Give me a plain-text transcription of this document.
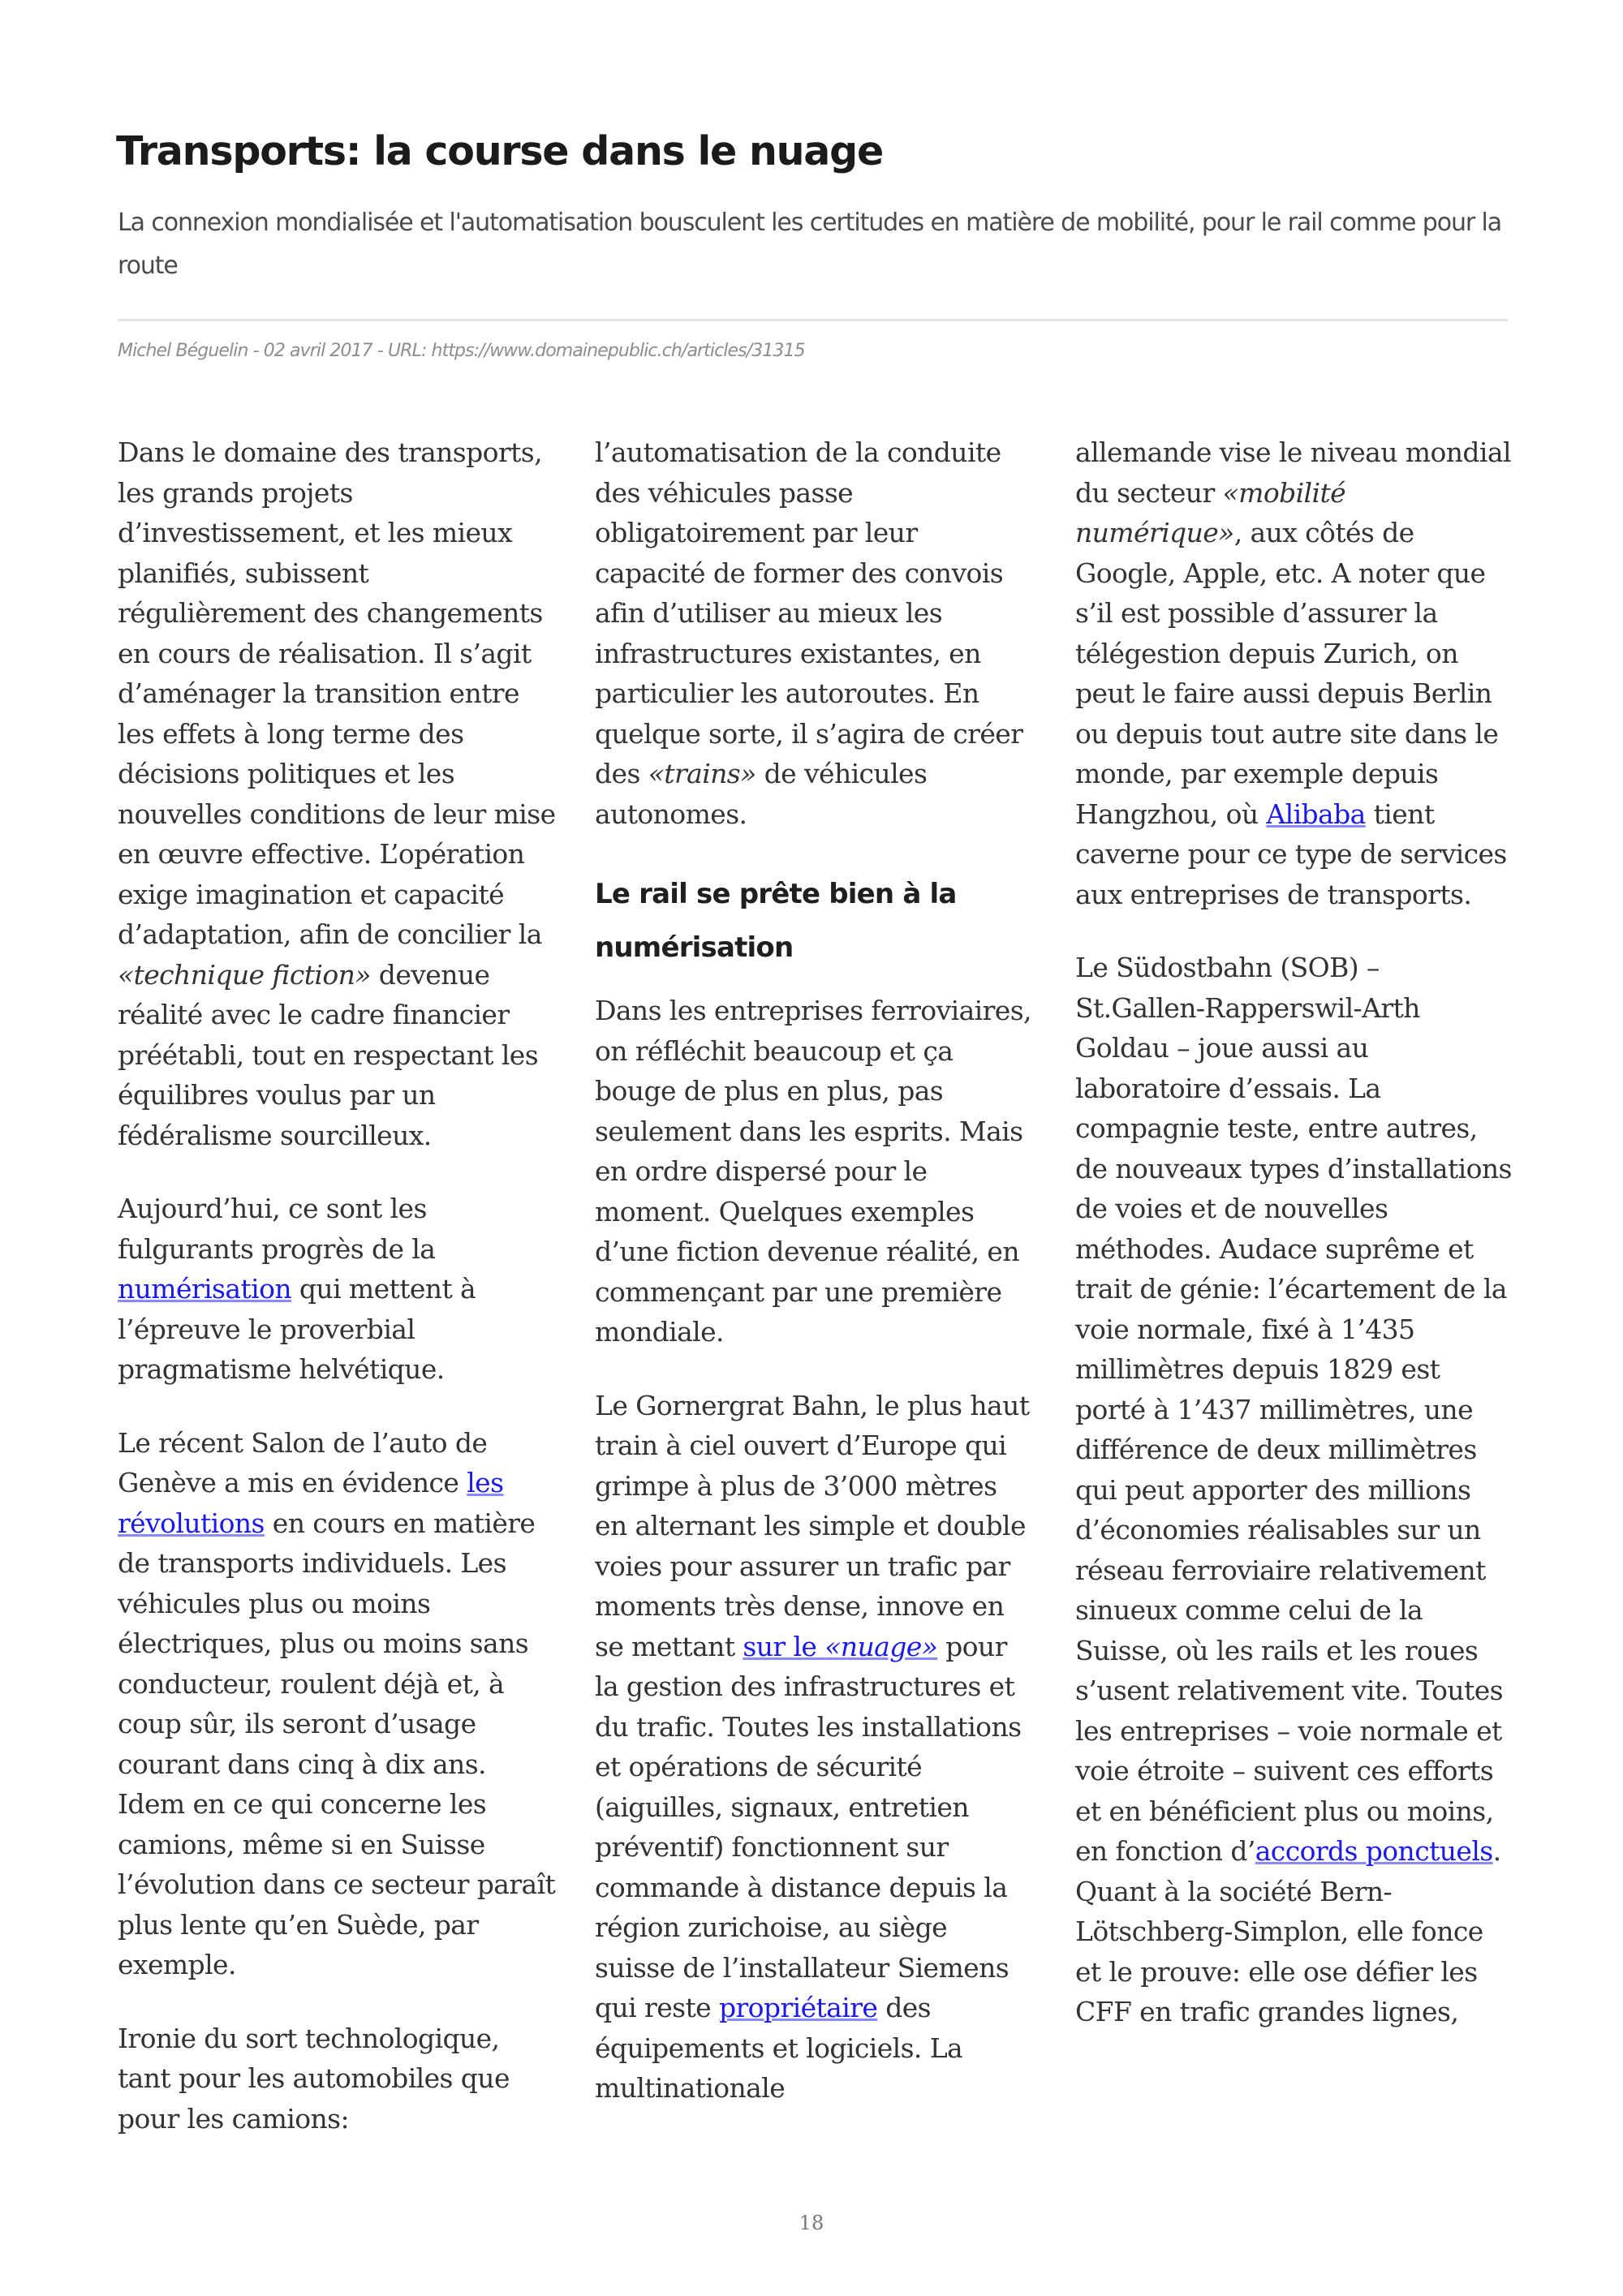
Transports: la course dans le nuage

La connexion mondialisée et l'automatisation bousculent les certitudes en matière de mobilité, pour le rail comme pour la route

Michel Béguelin - 02 avril 2017 - URL: https://www.domainepublic.ch/articles/31315

Dans le domaine des transports, les grands projets d’investissement, et les mieux planifiés, subissent régulièrement des changements en cours de réalisation. Il s’agit d’aménager la transition entre les effets à long terme des décisions politiques et les nouvelles conditions de leur mise en œuvre effective. L’opération exige imagination et capacité d’adaptation, afin de concilier la «technique fiction» devenue réalité avec le cadre financier préétabli, tout en respectant les équilibres voulus par un fédéralisme sourcilleux.

Aujourd’hui, ce sont les fulgurants progrès de la numérisation qui mettent à l’épreuve le proverbial pragmatisme helvétique.

Le récent Salon de l’auto de Genève a mis en évidence les révolutions en cours en matière de transports individuels. Les véhicules plus ou moins électriques, plus ou moins sans conducteur, roulent déjà et, à coup sûr, ils seront d’usage courant dans cinq à dix ans. Idem en ce qui concerne les camions, même si en Suisse l’évolution dans ce secteur paraît plus lente qu’en Suède, par exemple.

Ironie du sort technologique, tant pour les automobiles que pour les camions:

l’automatisation de la conduite des véhicules passe obligatoirement par leur capacité de former des convois afin d’utiliser au mieux les infrastructures existantes, en particulier les autoroutes. En quelque sorte, il s’agira de créer des «trains» de véhicules autonomes.

Le rail se prête bien à la numérisation

Dans les entreprises ferroviaires, on réfléchit beaucoup et ça bouge de plus en plus, pas seulement dans les esprits. Mais en ordre dispersé pour le moment. Quelques exemples d’une fiction devenue réalité, en commençant par une première mondiale.

Le Gornergrat Bahn, le plus haut train à ciel ouvert d’Europe qui grimpe à plus de 3’000 mètres en alternant les simple et double voies pour assurer un trafic par moments très dense, innove en se mettant sur le «nuage» pour la gestion des infrastructures et du trafic. Toutes les installations et opérations de sécurité (aiguilles, signaux, entretien préventif) fonctionnent sur commande à distance depuis la région zurichoise, au siège suisse de l’installateur Siemens qui reste propriétaire des équipements et logiciels. La multinationale

allemande vise le niveau mondial du secteur «mobilité numérique», aux côtés de Google, Apple, etc. A noter que s’il est possible d’assurer la télégestion depuis Zurich, on peut le faire aussi depuis Berlin ou depuis tout autre site dans le monde, par exemple depuis Hangzhou, où Alibaba tient caverne pour ce type de services aux entreprises de transports.

Le Südostbahn (SOB) – St.Gallen-Rapperswil-Arth Goldau – joue aussi au laboratoire d’essais. La compagnie teste, entre autres, de nouveaux types d’installations de voies et de nouvelles méthodes. Audace suprême et trait de génie: l’écartement de la voie normale, fixé à 1’435 millimètres depuis 1829 est porté à 1’437 millimètres, une différence de deux millimètres qui peut apporter des millions d’économies réalisables sur un réseau ferroviaire relativement sinueux comme celui de la Suisse, où les rails et les roues s’usent relativement vite. Toutes les entreprises – voie normale et voie étroite – suivent ces efforts et en bénéficient plus ou moins, en fonction d’accords ponctuels. Quant à la société Bern-Lötschberg-Simplon, elle fonce et le prouve: elle ose défier les CFF en trafic grandes lignes,

18
